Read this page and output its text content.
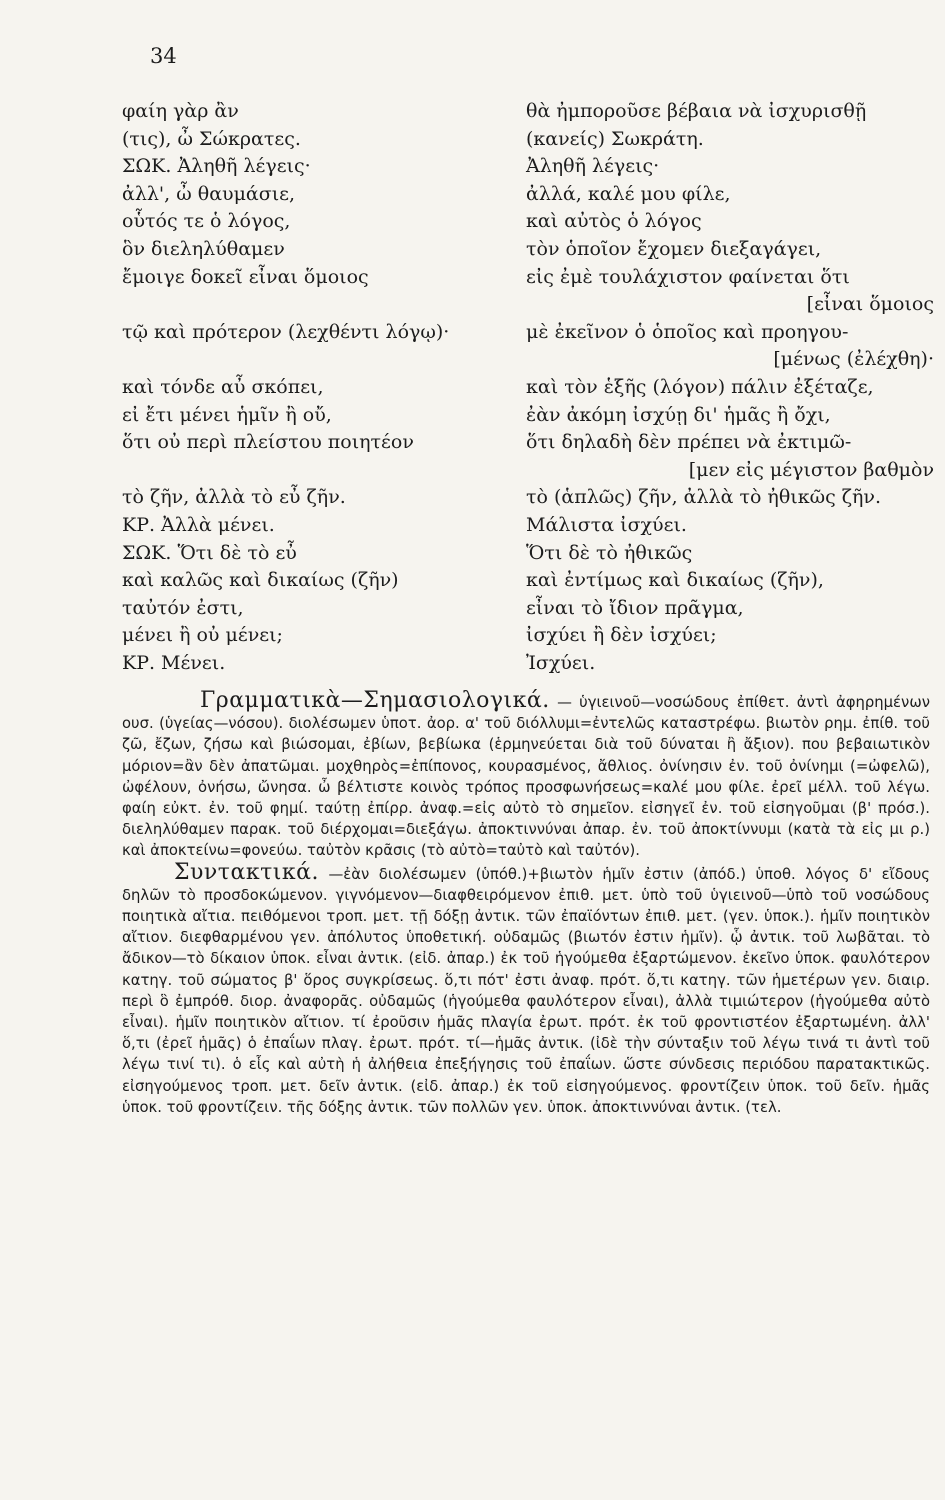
34
φαίη γὰρ ἂν	θὰ ἠμποροῦσε βέβαια νὰ ἰσχυρισθῇ
(τις), ὦ Σώκρατες.	(κανείς) Σωκράτη.
ΣΩΚ. Ἀληθῆ λέγεις·	Ἀληθῆ λέγεις·
ἀλλ', ὦ θαυμάσιε,	ἀλλά, καλέ μου φίλε,
οὗτός τε ὁ λόγος,	καὶ αὐτὸς ὁ λόγος
ὃν διεληλύθαμεν	τὸν ὁποῖον ἔχομεν διεξαγάγει,
ἔμοιγε δοκεῖ εἶναι ὅμοιος	εἰς ἐμὲ τουλάχιστον φαίνεται ὅτι
[εἶναι ὅμοιος
τῷ καὶ πρότερον (λεχθέντι λόγῳ)·	μὲ ἐκεῖνον ὁ ὁποῖος καὶ προηγου-
[μένως (ἐλέχθη)·
καὶ τόνδε αὖ σκόπει,	καὶ τὸν ἑξῆς (λόγον) πάλιν ἐξέταζε,
εἰ ἔτι μένει ἡμῖν ἢ οὔ,	ἐὰν ἀκόμη ἰσχύῃ δι' ἡμᾶς ἢ ὄχι,
ὅτι οὐ περὶ πλείστου ποιητέον	ὅτι δηλαδὴ δὲν πρέπει νὰ ἐκτιμῶ-
[μεν εἰς μέγιστον βαθμὸν
τὸ ζῆν, ἀλλὰ τὸ εὖ ζῆν.	τὸ (ἁπλῶς) ζῆν, ἀλλὰ τὸ ἠθικῶς ζῆν.
ΚΡ. Ἀλλὰ μένει.	Μάλιστα ἰσχύει.
ΣΩΚ. Ὅτι δὲ τὸ εὖ	Ὅτι δὲ τὸ ἠθικῶς
καὶ καλῶς καὶ δικαίως (ζῆν)	καὶ ἐντίμως καὶ δικαίως (ζῆν),
ταὐτόν ἐστι,	εἶναι τὸ ἴδιον πρᾶγμα,
μένει ἢ οὐ μένει;	ἰσχύει ἢ δὲν ἰσχύει;
ΚΡ. Μένει.	Ἰσχύει.

Γραμματικὰ—Σημασιολογικά. — ὑγιεινοῦ—νοσώδους ἐπίθετ. ἀντὶ ἀφηρημένων ουσ. (ὑγείας—νόσου). διολέσωμεν ὑποτ. ἀορ. α' τοῦ διόλλυμι=ἐντελῶς καταστρέφω. βιωτὸν ρημ. ἐπίθ. τοῦ ζῶ, ἔζων, ζήσω καὶ βιώσομαι, ἐβίων, βεβίωκα (ἑρμηνεύεται διὰ τοῦ δύναται ἢ ἄξιον). που βεβαιωτικὸν μόριον=ἂν δὲν ἀπατῶμαι. μοχθηρὸς=ἐπίπονος, κουρασμένος, ἄθλιος. ὀνίνησιν ἐν. τοῦ ὀνίνημι (=ὠφελῶ), ὠφέλουν, ὀνήσω, ὤνησα. ὦ βέλτιστε κοινὸς τρόπος προσφωνήσεως=καλέ μου φίλε. ἐρεῖ μέλλ. τοῦ λέγω. φαίη εὐκτ. ἐν. τοῦ φημί. ταύτῃ ἐπίρρ. ἀναφ.=εἰς αὐτὸ τὸ σημεῖον. εἰσηγεῖ ἐν. τοῦ εἰσηγοῦμαι (β' πρόσ.). διεληλύθαμεν παρακ. τοῦ διέρχομαι=διεξάγω. ἀποκτιννύναι ἀπαρ. ἐν. τοῦ ἀποκτίννυμι (κατὰ τὰ εἰς μι ρ.) καὶ ἀποκτείνω=φονεύω. ταὐτὸν κρᾶσις (τὸ αὐτὸ=ταὐτὸ καὶ ταὐτόν).

Συντακτικά. —ἐὰν διολέσωμεν (ὑπόθ.)+βιωτὸν ἡμῖν ἐστιν (ἀπόδ.) ὑποθ. λόγος δ' εἴδους δηλῶν τὸ προσδοκώμενον. γιγνόμενον—διαφθειρόμενον ἐπιθ. μετ. ὑπὸ τοῦ ὑγιεινοῦ—ὑπὸ τοῦ νοσώδους ποιητικὰ αἴτια. πειθόμενοι τροπ. μετ. τῇ δόξῃ ἀντικ. τῶν ἐπαϊόντων ἐπιθ. μετ. (γεν. ὑποκ.). ἡμῖν ποιητικὸν αἴτιον. διεφθαρμένου γεν. ἀπόλυτος ὑποθετική. οὐδαμῶς (βιωτόν ἐστιν ἡμῖν). ᾧ ἀντικ. τοῦ λωβᾶται. τὸ ἄδικον—τὸ δίκαιον ὑποκ. εἶναι ἀντικ. (εἰδ. ἀπαρ.) ἐκ τοῦ ἡγούμεθα ἐξαρτώμενον. ἐκεῖνο ὑποκ. φαυλότερον κατηγ. τοῦ σώματος β' ὅρος συγκρίσεως. ὅ,τι πότ' ἐστι ἀναφ. πρότ. ὅ,τι κατηγ. τῶν ἡμετέρων γεν. διαιρ. περὶ ὃ ἐμπρόθ. διορ. ἀναφορᾶς. οὐδαμῶς (ἡγούμεθα φαυλότερον εἶναι), ἀλλὰ τιμιώτερον (ἡγούμεθα αὐτὸ εἶναι). ἡμῖν ποιητικὸν αἴτιον. τί ἐροῦσιν ἡμᾶς πλαγία ἐρωτ. πρότ. ἐκ τοῦ φροντιστέον ἐξαρτωμένη. ἀλλ' ὅ,τι (ἐρεῖ ἡμᾶς) ὁ ἐπαΐων πλαγ. ἐρωτ. πρότ. τί—ἡμᾶς ἀντικ. (ἰδὲ τὴν σύνταξιν τοῦ λέγω τινά τι ἀντὶ τοῦ λέγω τινί τι). ὁ εἷς καὶ αὐτὴ ἡ ἀλήθεια ἐπεξήγησις τοῦ ἐπαΐων. ὥστε σύνδεσις περιόδου παρατακτικῶς. εἰσηγούμενος τροπ. μετ. δεῖν ἀντικ. (εἰδ. ἀπαρ.) ἐκ τοῦ εἰσηγούμενος. φροντίζειν ὑποκ. τοῦ δεῖν. ἡμᾶς ὑποκ. τοῦ φροντίζειν. τῆς δόξης ἀντικ. τῶν πολλῶν γεν. ὑποκ. ἀποκτιννύναι ἀντικ. (τελ.
